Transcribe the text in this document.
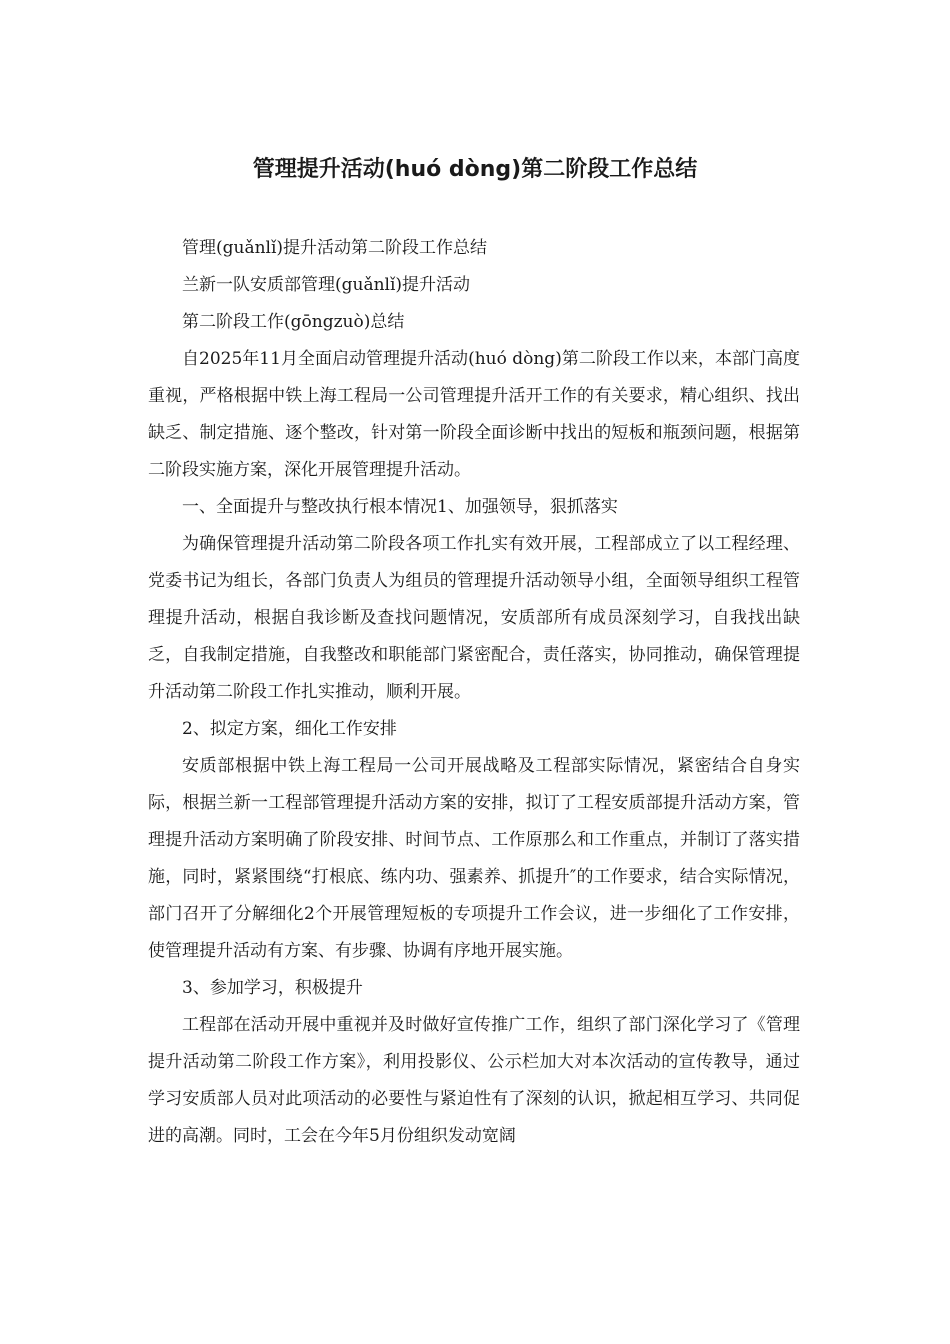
管理提升活动(huó dòng)第二阶段工作总结

管理(guǎnlǐ)提升活动第二阶段工作总结

兰新一队安质部管理(guǎnlǐ)提升活动

第二阶段工作(gōngzuò)总结

自2025年11月全面启动管理提升活动(huó dòng)第二阶段工作以来，本部门高度重视，严格根据中铁上海工程局一公司管理提升活开工作的有关要求，精心组织、找出缺乏、制定措施、逐个整改，针对第一阶段全面诊断中找出的短板和瓶颈问题，根据第二阶段实施方案，深化开展管理提升活动。

一、全面提升与整改执行根本情况1、加强领导，狠抓落实

为确保管理提升活动第二阶段各项工作扎实有效开展，工程部成立了以工程经理、党委书记为组长，各部门负责人为组员的管理提升活动领导小组，全面领导组织工程管理提升活动，根据自我诊断及查找问题情况，安质部所有成员深刻学习，自我找出缺乏，自我制定措施，自我整改和职能部门紧密配合，责任落实，协同推动，确保管理提升活动第二阶段工作扎实推动，顺利开展。

2、拟定方案，细化工作安排

安质部根据中铁上海工程局一公司开展战略及工程部实际情况，紧密结合自身实际，根据兰新一工程部管理提升活动方案的安排，拟订了工程安质部提升活动方案，管理提升活动方案明确了阶段安排、时间节点、工作原那么和工作重点，并制订了落实措施，同时，紧紧围绕“打根底、练内功、强素养、抓提升″的工作要求，结合实际情况，部门召开了分解细化2个开展管理短板的专项提升工作会议，进一步细化了工作安排，使管理提升活动有方案、有步骤、协调有序地开展实施。

3、参加学习，积极提升

工程部在活动开展中重视并及时做好宣传推广工作，组织了部门深化学习了《管理提升活动第二阶段工作方案》，利用投影仪、公示栏加大对本次活动的宣传教导，通过学习安质部人员对此项活动的必要性与紧迫性有了深刻的认识，掀起相互学习、共同促进的高潮。同时，工会在今年5月份组织发动宽阔
